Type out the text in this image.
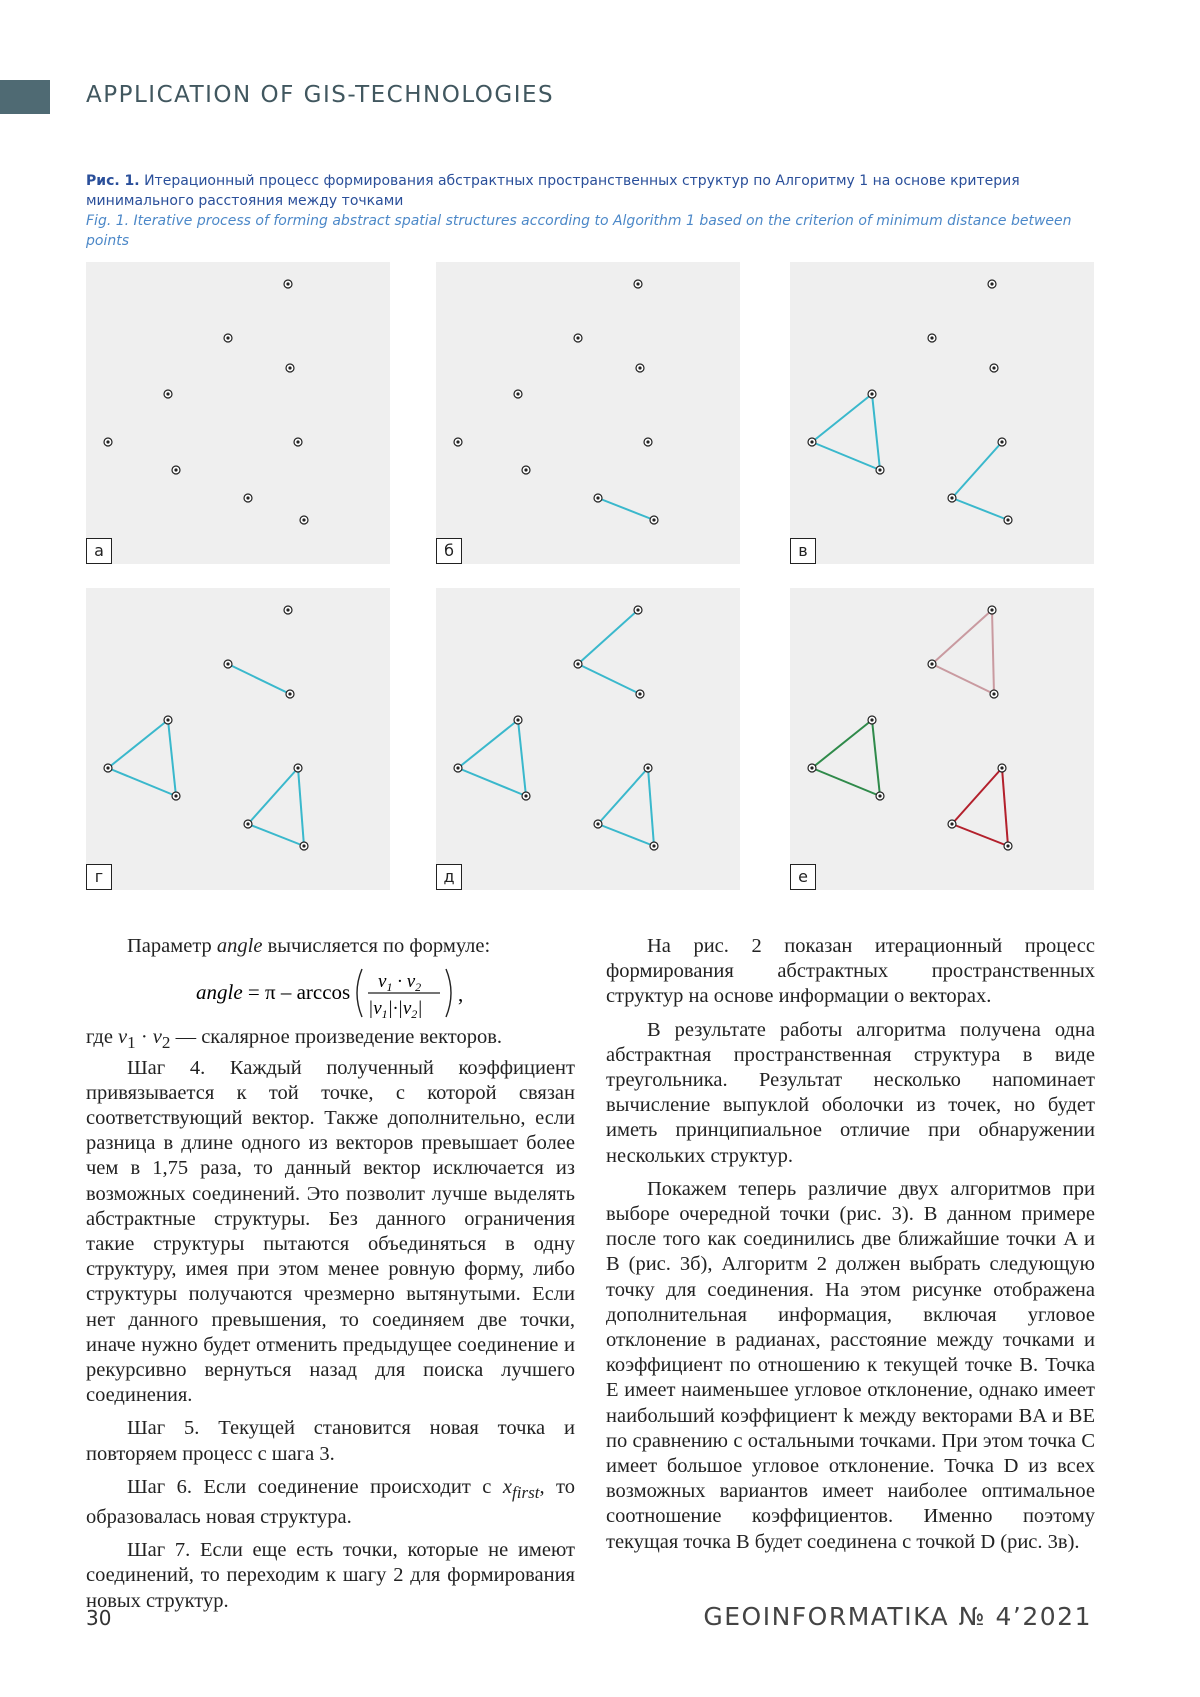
APPLICATION OF GIS-TECHNOLOGIES
Рис. 1. Итерационный процесс формирования абстрактных пространственных структур по Алгоритму 1 на основе критерия минимального расстояния между точками
Fig. 1. Iterative process of forming abstract spatial structures according to Algorithm 1 based on the criterion of minimum distance between points
а	б	в
г	д	е

Параметр angle вычисляется по формуле:

angle = $\pi - \arccos v_1 \cdot v_2$
$|v_1|\cdot|v_2|$
,

где $v_1 \cdot v_2$ — скалярное произведение векторов.

Шаг 4. Каждый полученный коэффициент привязывается к той точке, с которой связан соответствующий вектор. Также дополнительно, если разница в длине одного из векторов превышает более чем в 1,75 раза, то данный вектор исключается из возможных соединений. Это позволит лучше выделять абстрактные структуры. Без данного ограничения такие структуры пытаются объединяться в одну структуру, имея при этом менее ровную форму, либо структуры получаются чрезмерно вытянутыми. Если нет данного превышения, то соединяем две точки, иначе нужно будет отменить предыдущее соединение и рекурсивно вернуться назад для поиска лучшего соединения.

Шаг 5. Текущей становится новая точка и повторяем процесс с шага 3.

Шаг 6. Если соединение происходит с $x_{first}$, то образовалась новая структура.

Шаг 7. Если еще есть точки, которые не имеют соединений, то переходим к шагу 2 для формирования новых структур.

На рис. 2 показан итерационный процесс формирования абстрактных пространственных структур на основе информации о векторах.

В результате работы алгоритма получена одна абстрактная пространственная структура в виде треугольника. Результат несколько напоминает вычисление выпуклой оболочки из точек, но будет иметь принципиальное отличие при обнаружении нескольких структур.

Покажем теперь различие двух алгоритмов при выборе очередной точки (рис. 3). В данном примере после того как соединились две ближайшие точки A и B (рис. 3б), Алгоритм 2 должен выбрать следующую точку для соединения. На этом рисунке отображена дополнительная информация, включая угловое отклонение в радианах, расстояние между точками и коэффициент по отношению к текущей точке B. Точка E имеет наименьшее угловое отклонение, однако имеет наибольший коэффициент k между векторами BA и BE по сравнению с остальными точками. При этом точка C имеет большое угловое отклонение. Точка D из всех возможных вариантов имеет наиболее оптимальное соотношение коэффициентов. Именно поэтому текущая точка B будет соединена с точкой D (рис. 3в).

30	GEOINFORMATIKA № 4’2021
